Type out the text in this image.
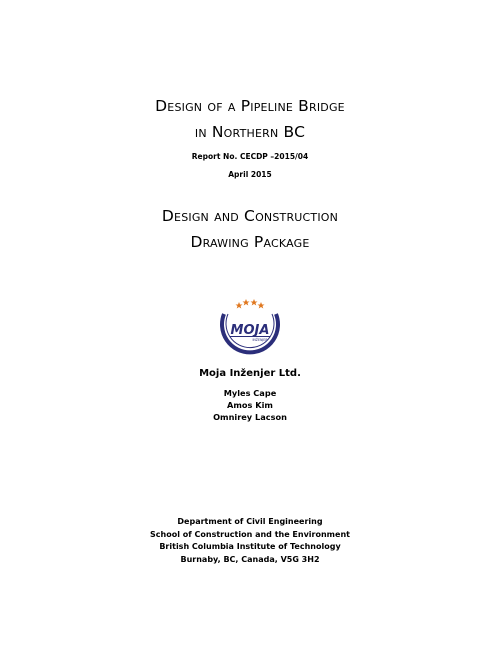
Design of a Pipeline Bridge
in Northern BC
Report No. CECDP –2015/04
April 2015
Design and Construction
Drawing Package
MOJA
INŽENJER
Moja Inženjer Ltd.
Myles Cape
Amos Kim
Omnirey Lacson
Department of Civil Engineering
School of Construction and the Environment
British Columbia Institute of Technology
Burnaby, BC, Canada, V5G 3H2
